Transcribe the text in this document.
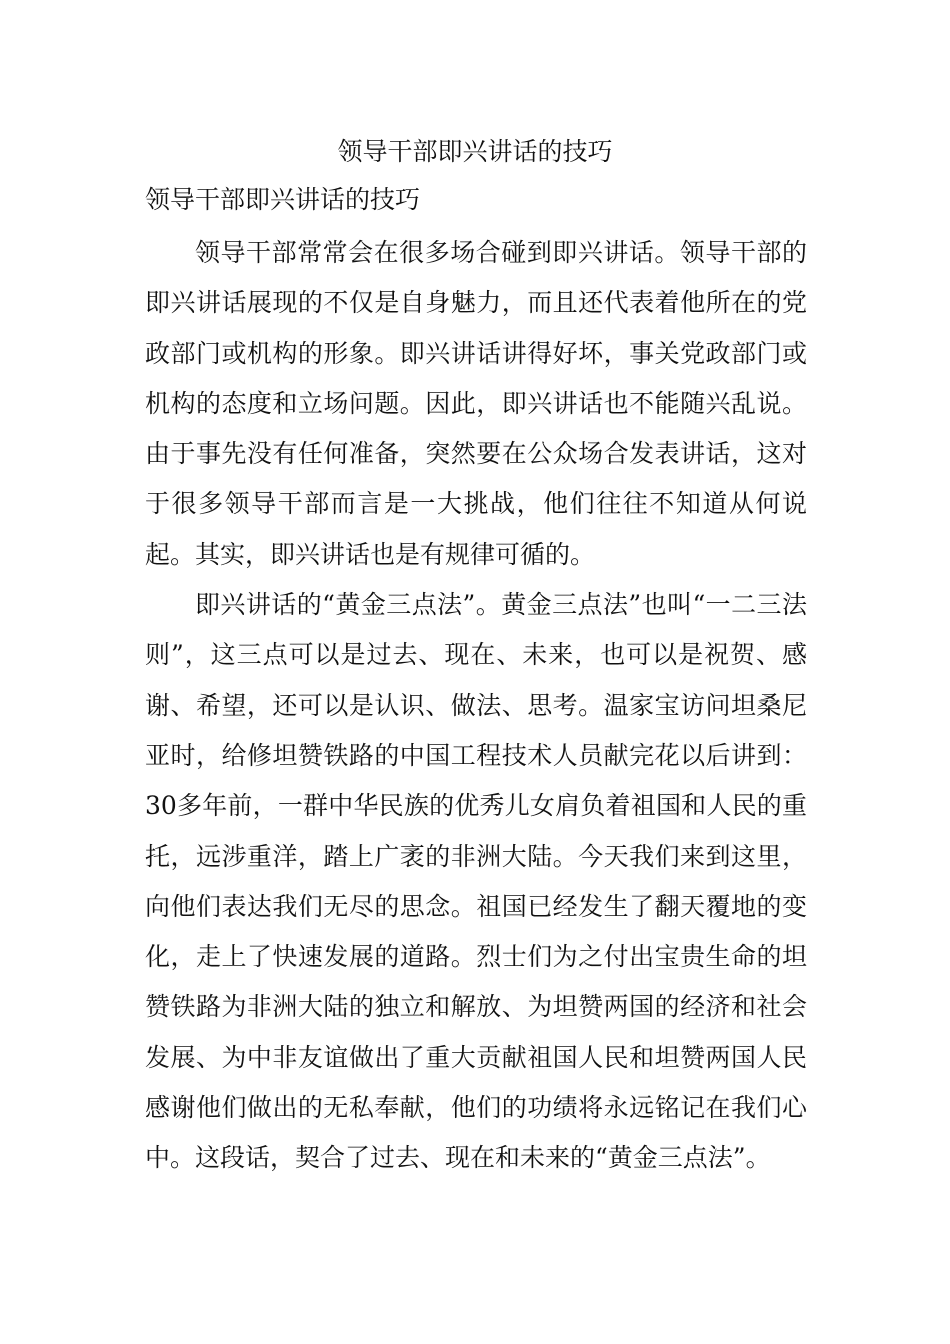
领导干部即兴讲话的技巧
领导干部即兴讲话的技巧

领导干部常常会在很多场合碰到即兴讲话。领导干部的即兴讲话展现的不仅是自身魅力，而且还代表着他所在的党政部门或机构的形象。即兴讲话讲得好坏，事关党政部门或机构的态度和立场问题。因此，即兴讲话也不能随兴乱说。由于事先没有任何准备，突然要在公众场合发表讲话，这对于很多领导干部而言是一大挑战，他们往往不知道从何说起。其实，即兴讲话也是有规律可循的。

即兴讲话的“黄金三点法”。黄金三点法”也叫“一二三法则”，这三点可以是过去、现在、未来，也可以是祝贺、感谢、希望，还可以是认识、做法、思考。温家宝访问坦桑尼亚时，给修坦赞铁路的中国工程技术人员献完花以后讲到：30多年前，一群中华民族的优秀儿女肩负着祖国和人民的重托，远涉重洋，踏上广袤的非洲大陆。今天我们来到这里，向他们表达我们无尽的思念。祖国已经发生了翻天覆地的变化，走上了快速发展的道路。烈士们为之付出宝贵生命的坦赞铁路为非洲大陆的独立和解放、为坦赞两国的经济和社会发展、为中非友谊做出了重大贡献祖国人民和坦赞两国人民感谢他们做出的无私奉献，他们的功绩将永远铭记在我们心中。这段话，契合了过去、现在和未来的“黄金三点法”。
